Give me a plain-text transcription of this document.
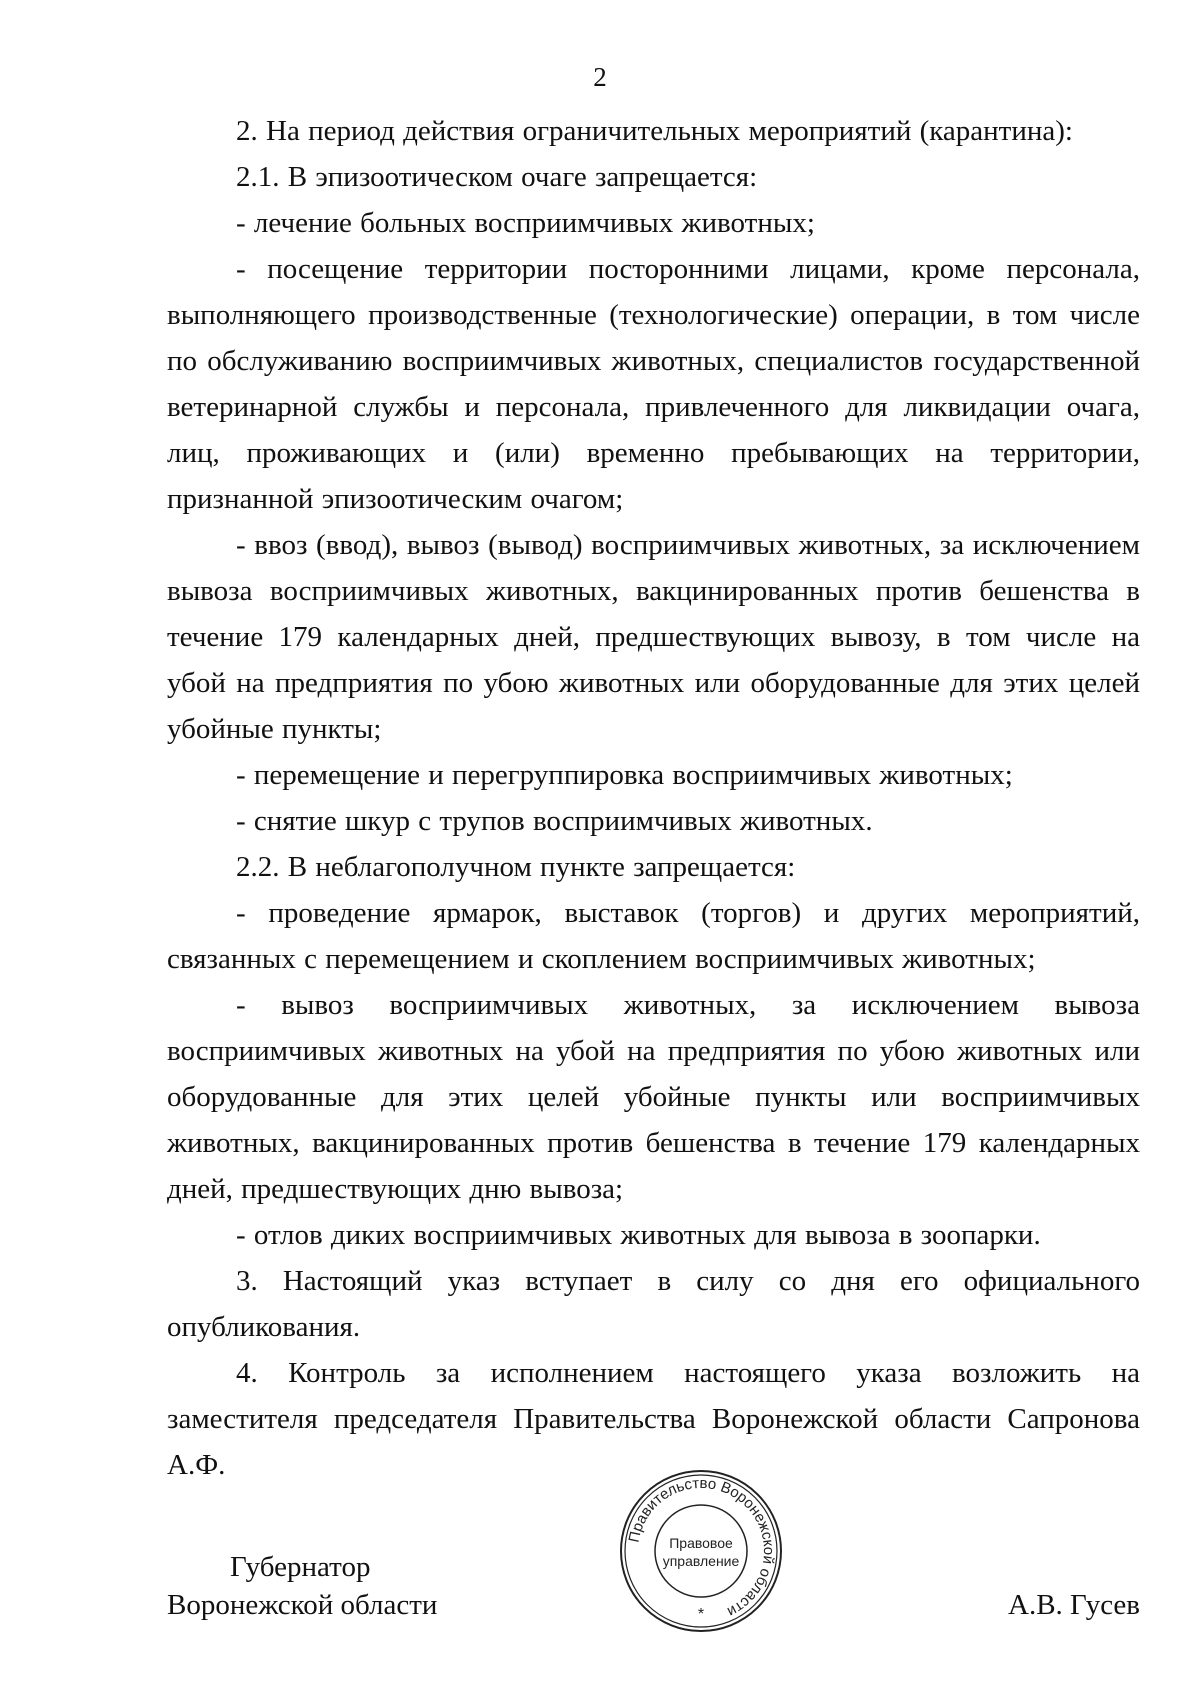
2

2. На период действия ограничительных мероприятий (карантина):

2.1. В эпизоотическом очаге запрещается:

- лечение больных восприимчивых животных;

- посещение территории посторонними лицами, кроме персонала, выполняющего производственные (технологические) операции, в том числе по обслуживанию восприимчивых животных, специалистов государственной ветеринарной службы и персонала, привлеченного для ликвидации очага, лиц, проживающих и (или) временно пребывающих на территории, признанной эпизоотическим очагом;

- ввоз (ввод), вывоз (вывод) восприимчивых животных, за исключением вывоза восприимчивых животных, вакцинированных против бешенства в течение 179 календарных дней, предшествующих вывозу, в том числе на убой на предприятия по убою животных или оборудованные для этих целей убойные пункты;

- перемещение и перегруппировка восприимчивых животных;

- снятие шкур с трупов восприимчивых животных.

2.2. В неблагополучном пункте запрещается:

- проведение ярмарок, выставок (торгов) и других мероприятий, связанных с перемещением и скоплением восприимчивых животных;

- вывоз восприимчивых животных, за исключением вывоза восприимчивых животных на убой на предприятия по убою животных или оборудованные для этих целей убойные пункты или восприимчивых животных, вакцинированных против бешенства в течение 179 календарных дней, предшествующих дню вывоза;

- отлов диких восприимчивых животных для вывоза в зоопарки.

3. Настоящий указ вступает в силу со дня его официального опубликования.

4. Контроль за исполнением настоящего указа возложить на заместителя председателя Правительства Воронежской области Сапронова А.Ф.

Губернатор
Воронежской области
Правительство Воронежской области
Правовое
управление
*	А.В. Гусев
